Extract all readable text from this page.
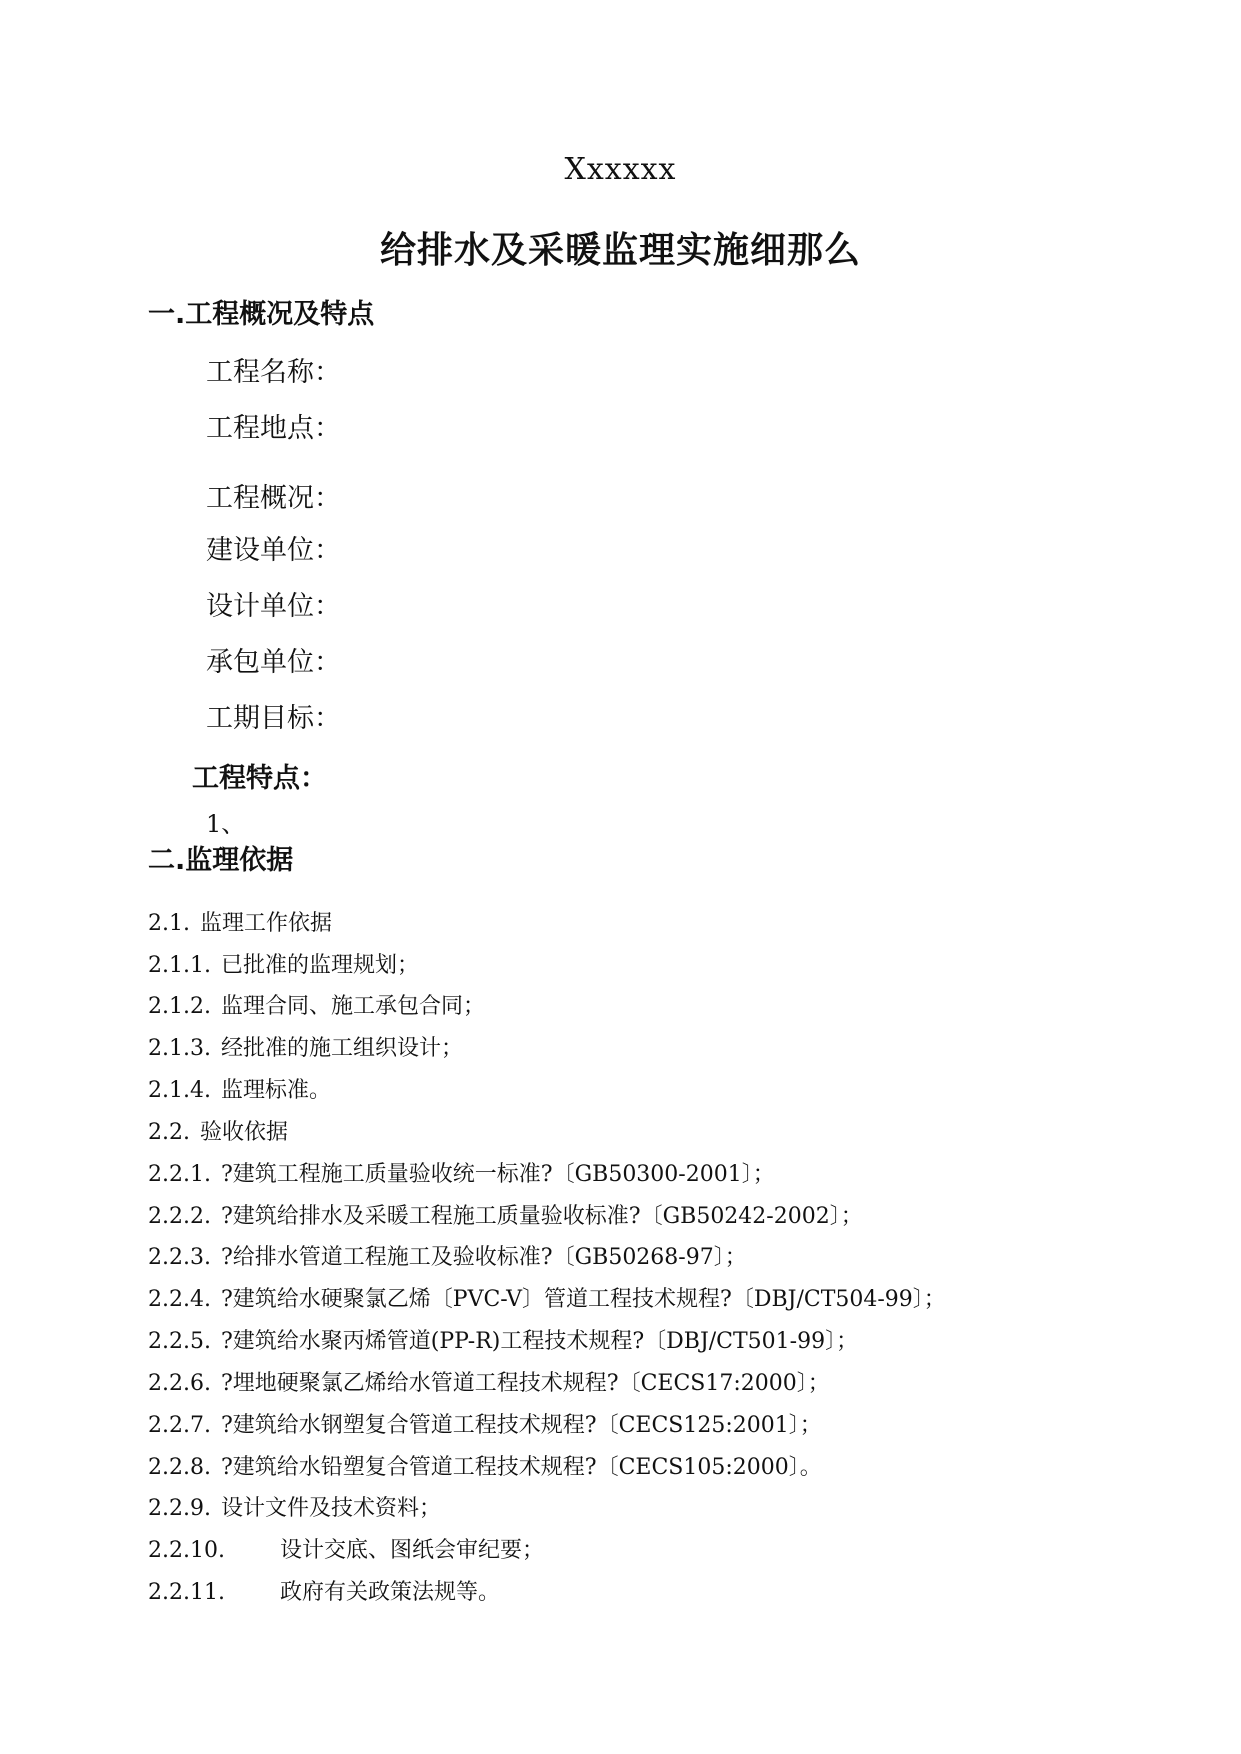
Xxxxxx
给排水及采暖监理实施细那么
一.工程概况及特点
工程名称：
工程地点：
工程概况：
建设单位：
设计单位：
承包单位：
工期目标：
工程特点：
1、
二.监理依据
2.1. 监理工作依据
2.1.1. 已批准的监理规划；
2.1.2. 监理合同、施工承包合同；
2.1.3. 经批准的施工组织设计；
2.1.4. 监理标准。
2.2. 验收依据
2.2.1. ?建筑工程施工质量验收统一标准?〔GB50300-2001〕；
2.2.2. ?建筑给排水及采暖工程施工质量验收标准?〔GB50242-2002〕；
2.2.3. ?给排水管道工程施工及验收标准?〔GB50268-97〕；
2.2.4. ?建筑给水硬聚氯乙烯〔PVC-V〕管道工程技术规程?〔DBJ/CT504-99〕；
2.2.5. ?建筑给水聚丙烯管道(PP-R)工程技术规程?〔DBJ/CT501-99〕；
2.2.6. ?埋地硬聚氯乙烯给水管道工程技术规程?〔CECS17:2000〕；
2.2.7. ?建筑给水钢塑复合管道工程技术规程?〔CECS125:2001〕；
2.2.8. ?建筑给水铅塑复合管道工程技术规程?〔CECS105:2000〕。
2.2.9. 设计文件及技术资料；
2.2.10.	设计交底、图纸会审纪要；
2.2.11.	政府有关政策法规等。
